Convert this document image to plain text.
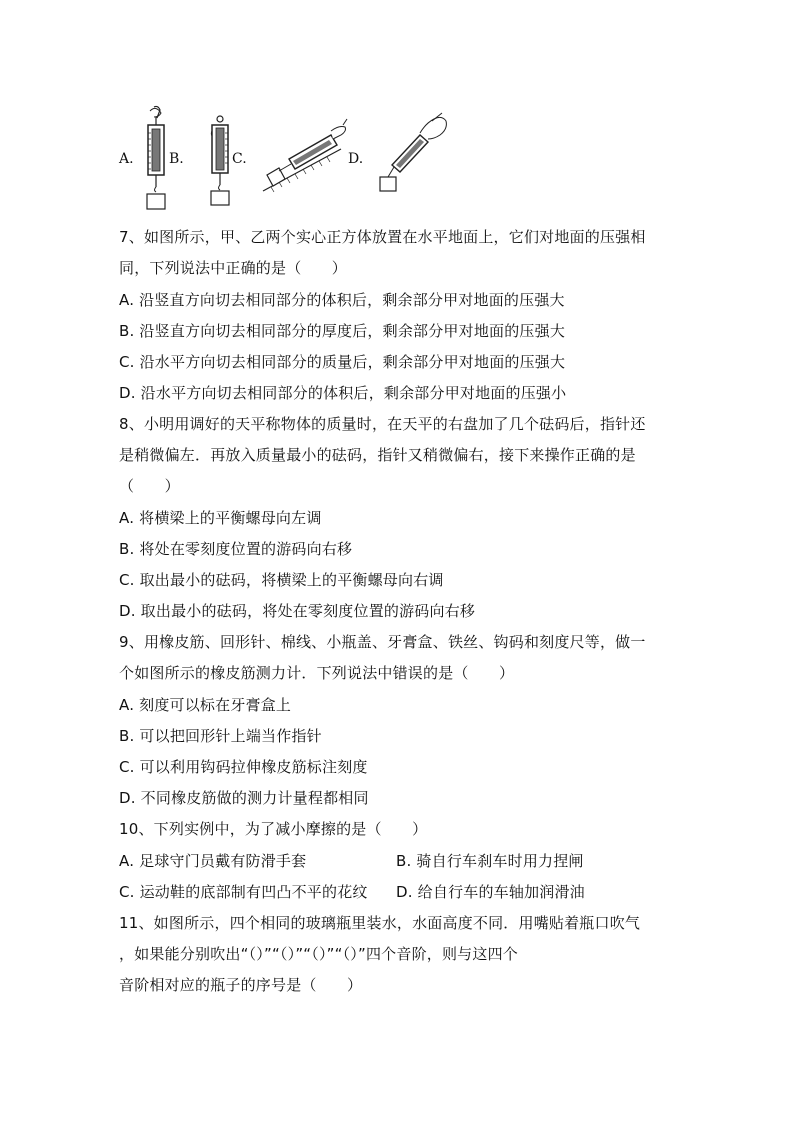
A.	B.	C.	D.
7、如图所示，甲、乙两个实心正方体放置在水平地面上，它们对地面的压强相
同，下列说法中正确的是（　　）
A. 沿竖直方向切去相同部分的体积后，剩余部分甲对地面的压强大
B. 沿竖直方向切去相同部分的厚度后，剩余部分甲对地面的压强大
C. 沿水平方向切去相同部分的质量后，剩余部分甲对地面的压强大
D. 沿水平方向切去相同部分的体积后，剩余部分甲对地面的压强小
8、小明用调好的天平称物体的质量时，在天平的右盘加了几个砝码后，指针还
是稍微偏左．再放入质量最小的砝码，指针又稍微偏右，接下来操作正确的是
（　　）
A. 将横梁上的平衡螺母向左调
B. 将处在零刻度位置的游码向右移
C. 取出最小的砝码，将横梁上的平衡螺母向右调
D. 取出最小的砝码，将处在零刻度位置的游码向右移
9、用橡皮筋、回形针、棉线、小瓶盖、牙膏盒、铁丝、钩码和刻度尺等，做一
个如图所示的橡皮筋测力计．下列说法中错误的是（　　）
A. 刻度可以标在牙膏盒上
B. 可以把回形针上端当作指针
C. 可以利用钩码拉伸橡皮筋标注刻度
D. 不同橡皮筋做的测力计量程都相同
10、下列实例中，为了减小摩擦的是（　　）
A. 足球守门员戴有防滑手套	B. 骑自行车刹车时用力捏闸
C. 运动鞋的底部制有凹凸不平的花纹 D. 给自行车的车轴加润滑油
11、如图所示，四个相同的玻璃瓶里装水，水面高度不同．用嘴贴着瓶口吹气
，如果能分别吹出“（）”“（）”“（）”“（）”四个音阶，则与这四个
音阶相对应的瓶子的序号是（　　）
